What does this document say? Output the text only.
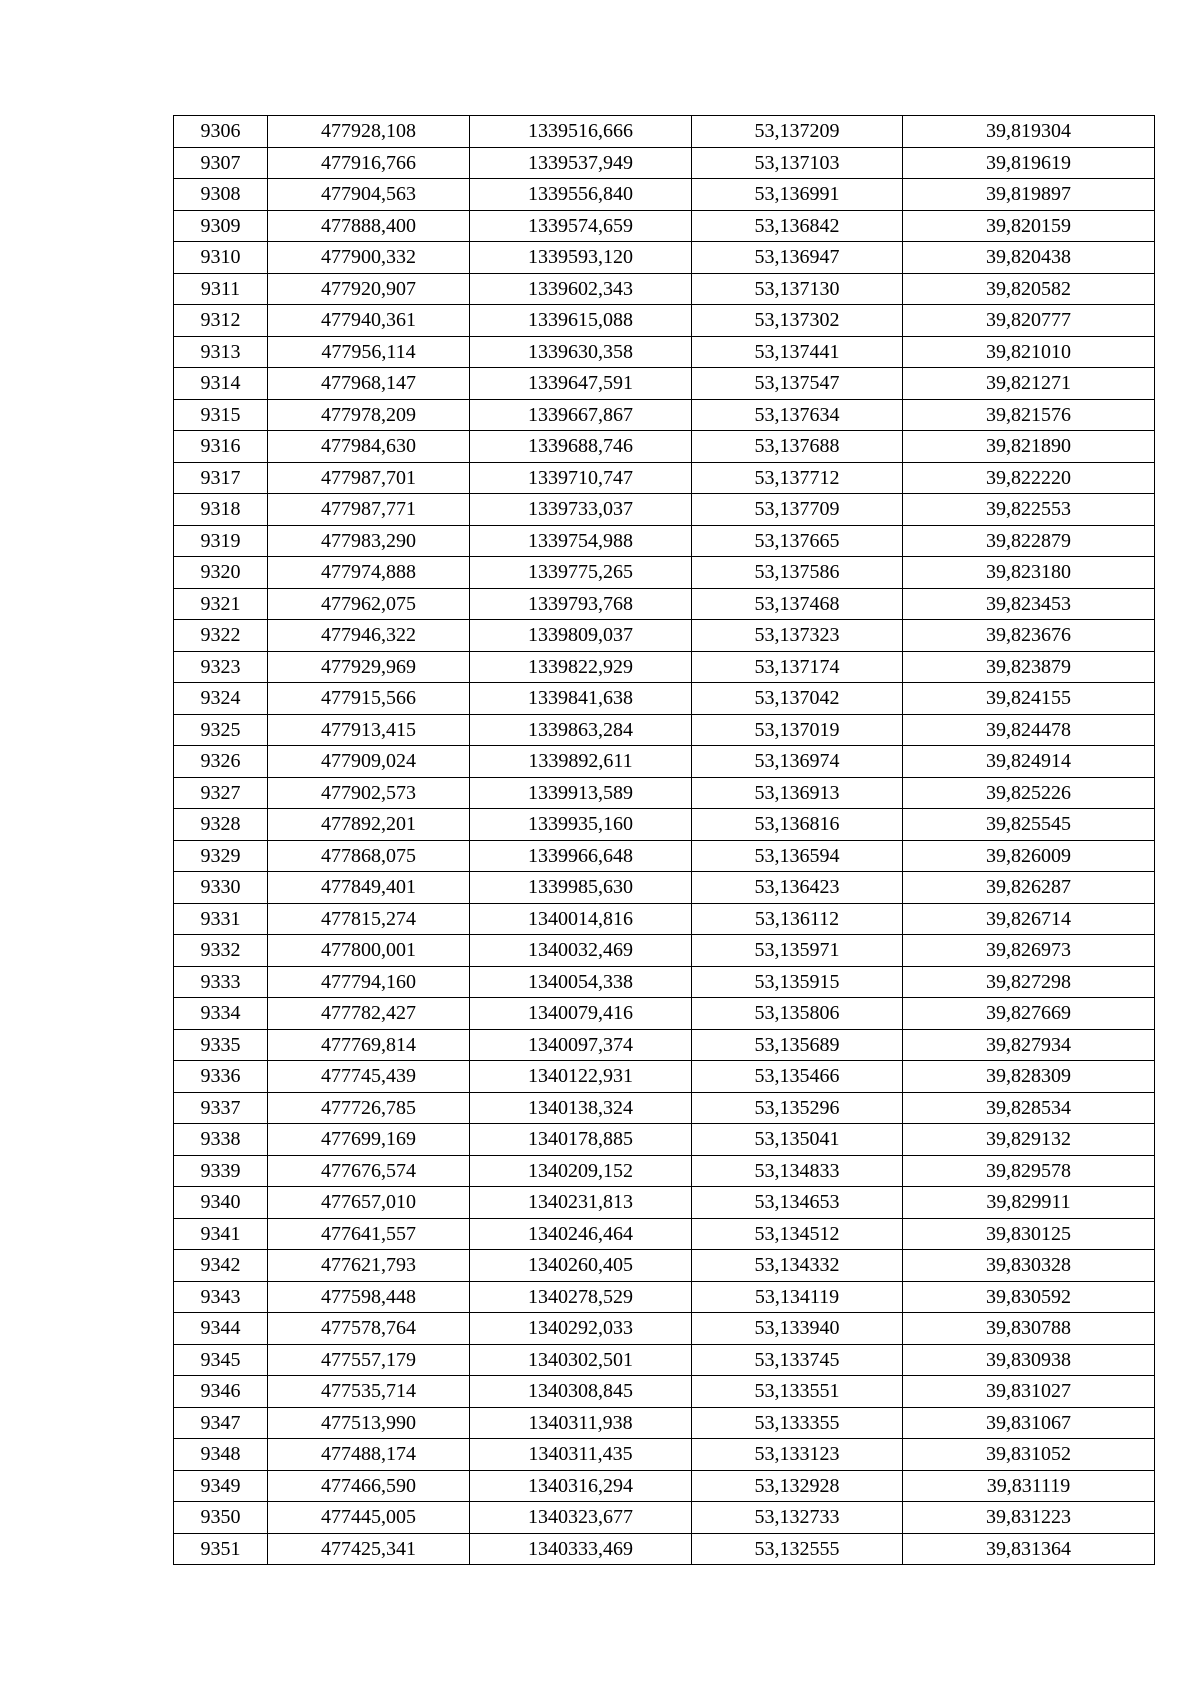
9306	477928,108	1339516,666	53,137209	39,819304
9307	477916,766	1339537,949	53,137103	39,819619
9308	477904,563	1339556,840	53,136991	39,819897
9309	477888,400	1339574,659	53,136842	39,820159
9310	477900,332	1339593,120	53,136947	39,820438
9311	477920,907	1339602,343	53,137130	39,820582
9312	477940,361	1339615,088	53,137302	39,820777
9313	477956,114	1339630,358	53,137441	39,821010
9314	477968,147	1339647,591	53,137547	39,821271
9315	477978,209	1339667,867	53,137634	39,821576
9316	477984,630	1339688,746	53,137688	39,821890
9317	477987,701	1339710,747	53,137712	39,822220
9318	477987,771	1339733,037	53,137709	39,822553
9319	477983,290	1339754,988	53,137665	39,822879
9320	477974,888	1339775,265	53,137586	39,823180
9321	477962,075	1339793,768	53,137468	39,823453
9322	477946,322	1339809,037	53,137323	39,823676
9323	477929,969	1339822,929	53,137174	39,823879
9324	477915,566	1339841,638	53,137042	39,824155
9325	477913,415	1339863,284	53,137019	39,824478
9326	477909,024	1339892,611	53,136974	39,824914
9327	477902,573	1339913,589	53,136913	39,825226
9328	477892,201	1339935,160	53,136816	39,825545
9329	477868,075	1339966,648	53,136594	39,826009
9330	477849,401	1339985,630	53,136423	39,826287
9331	477815,274	1340014,816	53,136112	39,826714
9332	477800,001	1340032,469	53,135971	39,826973
9333	477794,160	1340054,338	53,135915	39,827298
9334	477782,427	1340079,416	53,135806	39,827669
9335	477769,814	1340097,374	53,135689	39,827934
9336	477745,439	1340122,931	53,135466	39,828309
9337	477726,785	1340138,324	53,135296	39,828534
9338	477699,169	1340178,885	53,135041	39,829132
9339	477676,574	1340209,152	53,134833	39,829578
9340	477657,010	1340231,813	53,134653	39,829911
9341	477641,557	1340246,464	53,134512	39,830125
9342	477621,793	1340260,405	53,134332	39,830328
9343	477598,448	1340278,529	53,134119	39,830592
9344	477578,764	1340292,033	53,133940	39,830788
9345	477557,179	1340302,501	53,133745	39,830938
9346	477535,714	1340308,845	53,133551	39,831027
9347	477513,990	1340311,938	53,133355	39,831067
9348	477488,174	1340311,435	53,133123	39,831052
9349	477466,590	1340316,294	53,132928	39,831119
9350	477445,005	1340323,677	53,132733	39,831223
9351	477425,341	1340333,469	53,132555	39,831364
